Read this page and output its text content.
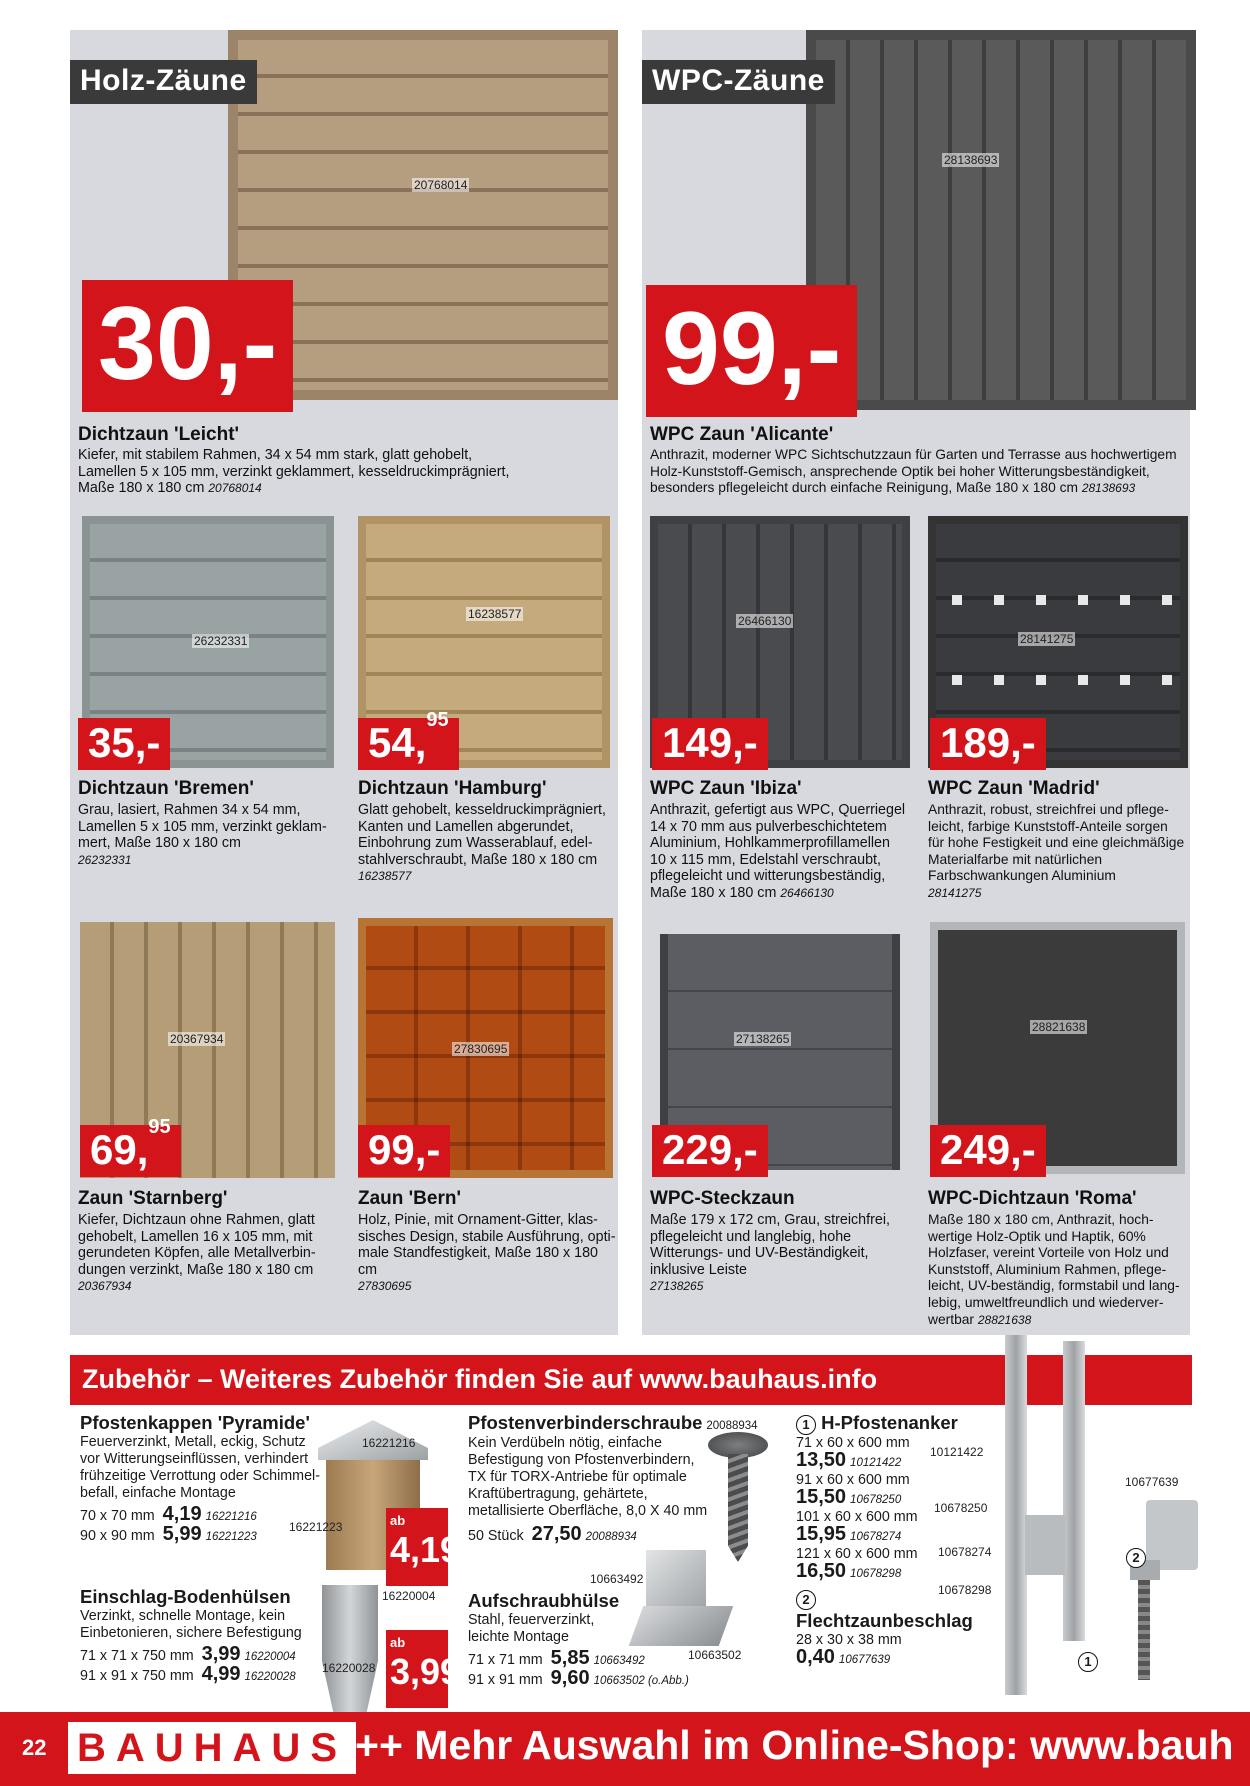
20768014
Holz-Zäune
30,-
28138693
WPC-Zäune
99,-
Dichtzaun 'Leicht'
Kiefer, mit stabilem Rahmen, 34 x 54 mm stark, glatt gehobelt,
Lamellen 5 x 105 mm, verzinkt geklammert, kesseldruckimprägniert,
Maße 180 x 180 cm 20768014
WPC Zaun 'Alicante'
Anthrazit, moderner WPC Sichtschutzzaun für Garten und Terrasse aus hochwertigem
Holz-Kunststoff-Gemisch, ansprechende Optik bei hoher Witterungsbeständigkeit,
besonders pflegeleicht durch einfache Reinigung, Maße 180 x 180 cm 28138693
26232331
35,-
16238577
54,95
26466130
149,-
28141275
189,-
Dichtzaun 'Bremen'
Grau, lasiert, Rahmen 34 x 54 mm,
Lamellen 5 x 105 mm, verzinkt geklam-
mert, Maße 180 x 180 cm
26232331
Dichtzaun 'Hamburg'
Glatt gehobelt, kesseldruckimprägniert,
Kanten und Lamellen abgerundet,
Einbohrung zum Wasserablauf, edel-
stahlverschraubt, Maße 180 x 180 cm
16238577
WPC Zaun 'Ibiza'
Anthrazit, gefertigt aus WPC, Querriegel
14 x 70 mm aus pulverbeschichtetem
Aluminium, Hohlkammerprofillamellen
10 x 115 mm, Edelstahl verschraubt,
pflegeleicht und witterungsbeständig,
Maße 180 x 180 cm 26466130
WPC Zaun 'Madrid'
Anthrazit, robust, streichfrei und pflege-
leicht, farbige Kunststoff-Anteile sorgen
für hohe Festigkeit und eine gleichmäßige
Materialfarbe mit natürlichen
Farbschwankungen Aluminium
28141275
20367934
69,95
27830695
99,-
27138265
229,-
28821638
249,-
Zaun 'Starnberg'
Kiefer, Dichtzaun ohne Rahmen, glatt
gehobelt, Lamellen 16 x 105 mm, mit
gerundeten Köpfen, alle Metallverbin-
dungen verzinkt, Maße 180 x 180 cm
20367934
Zaun 'Bern'
Holz, Pinie, mit Ornament-Gitter, klas-
sisches Design, stabile Ausführung, opti-
male Standfestigkeit, Maße 180 x 180 cm
27830695
WPC-Steckzaun
Maße 179 x 172 cm, Grau, streichfrei,
pflegeleicht und langlebig, hohe
Witterungs- und UV-Beständigkeit,
inklusive Leiste
27138265
WPC-Dichtzaun 'Roma'
Maße 180 x 180 cm, Anthrazit, hoch-
wertige Holz-Optik und Haptik, 60%
Holzfaser, vereint Vorteile von Holz und
Kunststoff, Aluminium Rahmen, pflege-
leicht, UV-beständig, formstabil und lang-
lebig, umweltfreundlich und wiederver-
wertbar 28821638
Zubehör – Weiteres Zubehör finden Sie auf www.bauhaus.info
10121422
10678250
10678274
10678298
10677639
2
1
Pfostenkappen 'Pyramide'
Feuerverzinkt, Metall, eckig, Schutz
vor Witterungseinflüssen, verhindert
frühzeitige Verrottung oder Schimmel-
befall, einfache Montage
70 x 70 mm 4,19 16221216
90 x 90 mm 5,99 16221223
16221216
16221223	ab
4,19
Einschlag-Bodenhülsen
Verzinkt, schnelle Montage, kein
Einbetonieren, sichere Befestigung
71 x 71 x 750 mm 3,99 16220004
91 x 91 x 750 mm 4,99 16220028
16220004
16220028
ab
3,99
Pfostenverbinderschraube 20088934
Kein Verdübeln nötig, einfache
Befestigung von Pfostenverbindern,
TX für TORX-Antriebe für optimale
Kraftübertragung, gehärtete,
metallisierte Oberfläche, 8,0 X 40 mm
50 Stück 27,50 20088934
Aufschraubhülse
Stahl, feuerverzinkt,
leichte Montage
71 x 71 mm 5,85 10663492
91 x 91 mm 9,60 10663502 (o.Abb.)
10663492
10663502
1 H-Pfostenanker
71 x 60 x 600 mm
13,50 10121422
91 x 60 x 600 mm
15,50 10678250
101 x 60 x 600 mm
15,95 10678274
121 x 60 x 600 mm
16,50 10678298
2 Flechtzaunbeschlag
28 x 30 x 38 mm
0,40 10677639
22 BAUHAUS ++ Mehr Auswahl im Online-Shop: www.bauh
